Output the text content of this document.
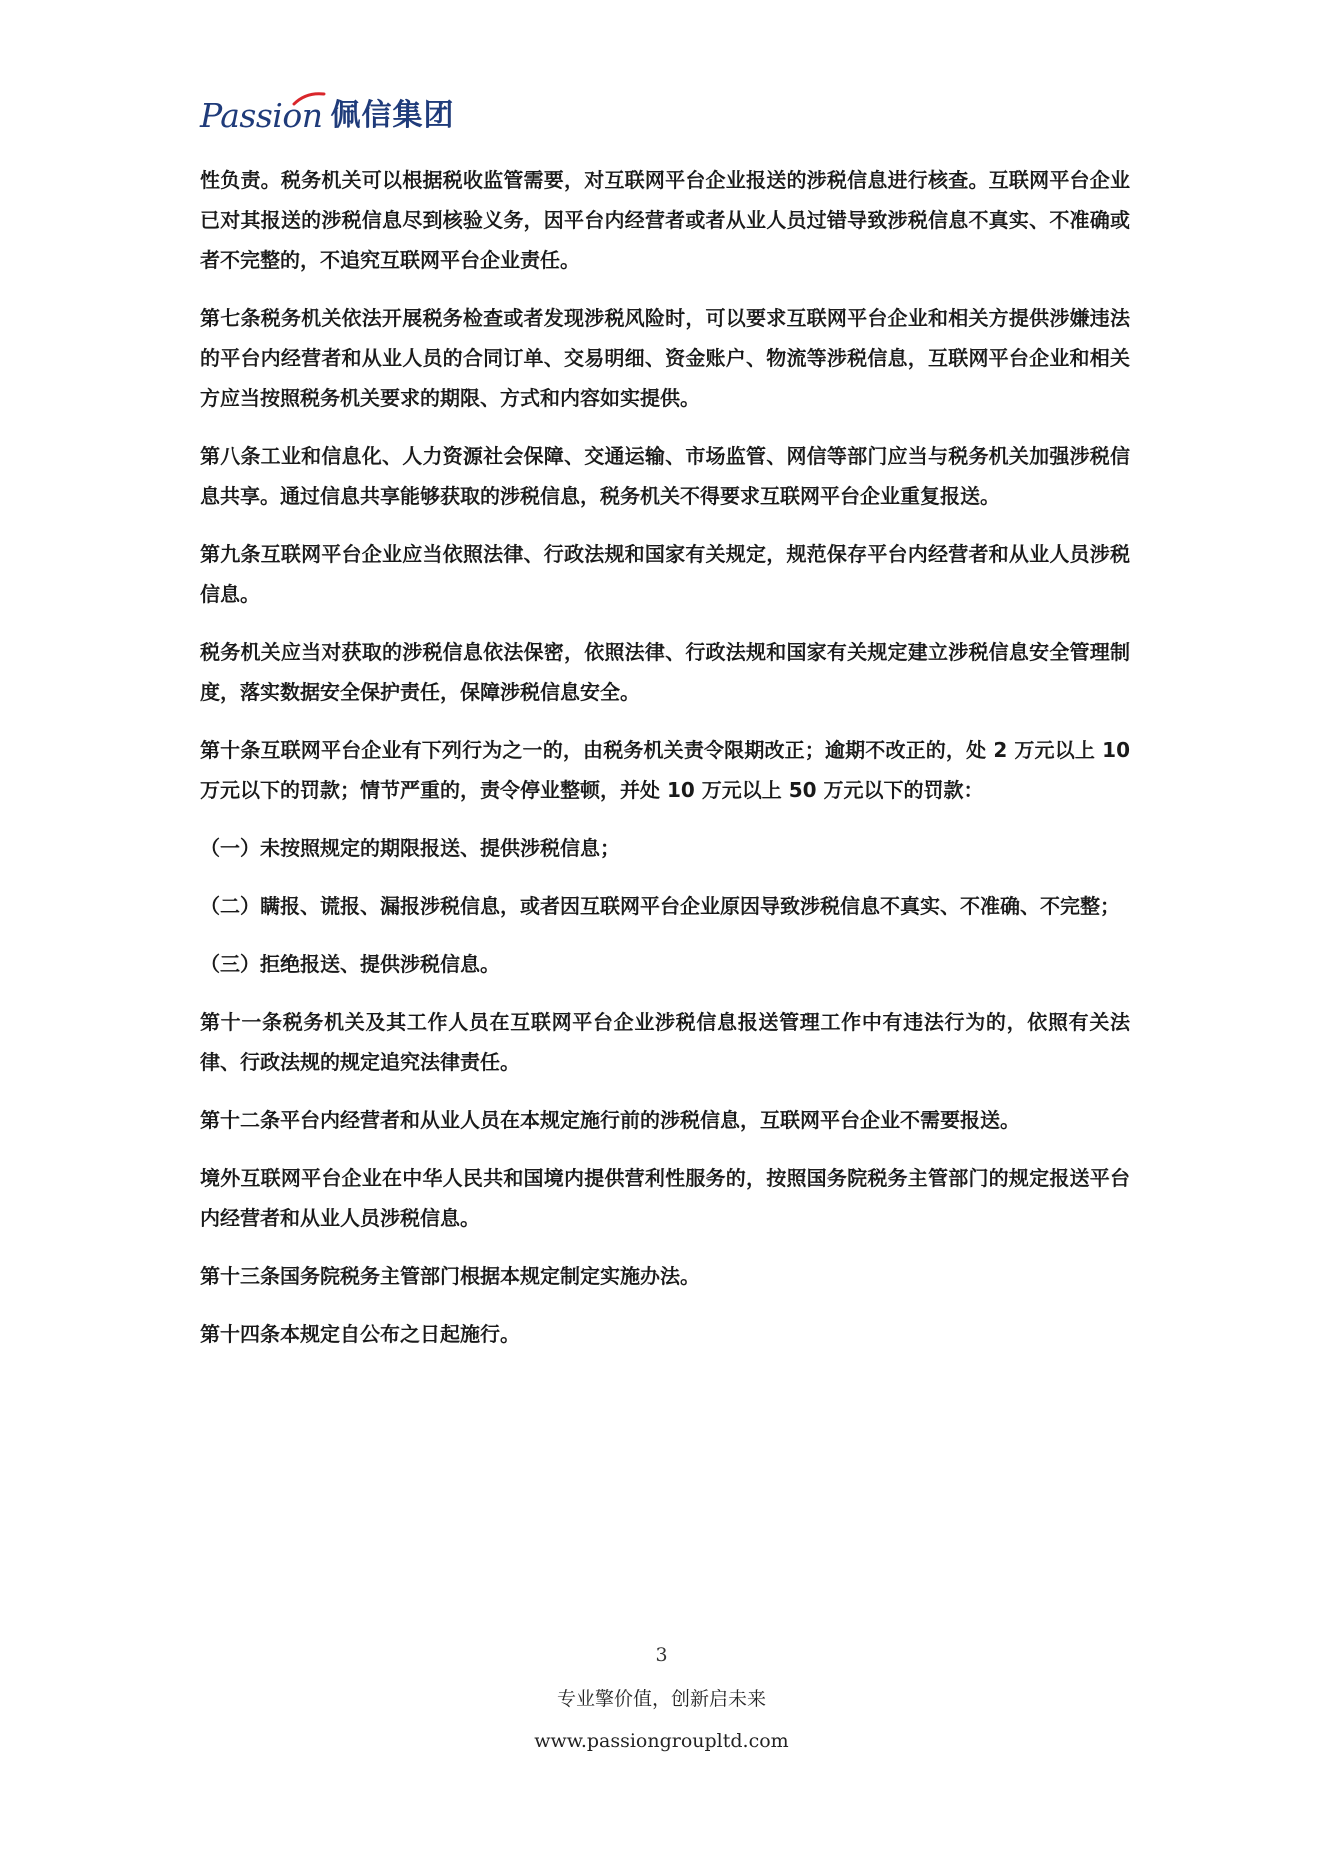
Passion 佩信集团

性负责。税务机关可以根据税收监管需要，对互联网平台企业报送的涉税信息进行核查。互联网平台企业已对其报送的涉税信息尽到核验义务，因平台内经营者或者从业人员过错导致涉税信息不真实、不准确或者不完整的，不追究互联网平台企业责任。

第七条税务机关依法开展税务检查或者发现涉税风险时，可以要求互联网平台企业和相关方提供涉嫌违法的平台内经营者和从业人员的合同订单、交易明细、资金账户、物流等涉税信息，互联网平台企业和相关方应当按照税务机关要求的期限、方式和内容如实提供。

第八条工业和信息化、人力资源社会保障、交通运输、市场监管、网信等部门应当与税务机关加强涉税信息共享。通过信息共享能够获取的涉税信息，税务机关不得要求互联网平台企业重复报送。

第九条互联网平台企业应当依照法律、行政法规和国家有关规定，规范保存平台内经营者和从业人员涉税信息。

税务机关应当对获取的涉税信息依法保密，依照法律、行政法规和国家有关规定建立涉税信息安全管理制度，落实数据安全保护责任，保障涉税信息安全。

第十条互联网平台企业有下列行为之一的，由税务机关责令限期改正；逾期不改正的，处 2 万元以上 10 万元以下的罚款；情节严重的，责令停业整顿，并处 10 万元以上 50 万元以下的罚款：

（一）未按照规定的期限报送、提供涉税信息；

（二）瞒报、谎报、漏报涉税信息，或者因互联网平台企业原因导致涉税信息不真实、不准确、不完整；

（三）拒绝报送、提供涉税信息。

第十一条税务机关及其工作人员在互联网平台企业涉税信息报送管理工作中有违法行为的，依照有关法律、行政法规的规定追究法律责任。

第十二条平台内经营者和从业人员在本规定施行前的涉税信息，互联网平台企业不需要报送。

境外互联网平台企业在中华人民共和国境内提供营利性服务的，按照国务院税务主管部门的规定报送平台内经营者和从业人员涉税信息。

第十三条国务院税务主管部门根据本规定制定实施办法。

第十四条本规定自公布之日起施行。

3
专业擎价值，创新启未来
www.passiongroupltd.com
